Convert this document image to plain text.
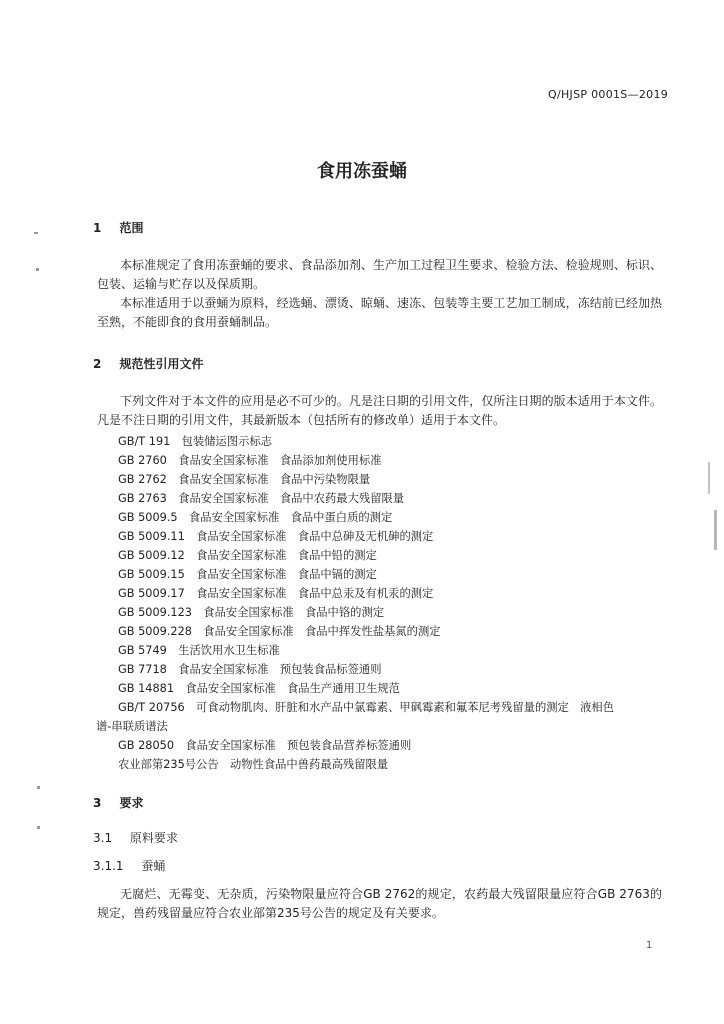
Q/HJSP 0001S—2019
食用冻蚕蛹
1 范围

本标准规定了食用冻蚕蛹的要求、食品添加剂、生产加工过程卫生要求、检验方法、检验规则、标识、包装、运输与贮存以及保质期。

本标准适用于以蚕蛹为原料，经选蛹、漂烫、晾蛹、速冻、包装等主要工艺加工制成，冻结前已经加热至熟，不能即食的食用蚕蛹制品。

2 规范性引用文件

下列文件对于本文件的应用是必不可少的。凡是注日期的引用文件，仅所注日期的版本适用于本文件。凡是不注日期的引用文件，其最新版本（包括所有的修改单）适用于本文件。

GB/T 191　包装储运图示标志
GB 2760　食品安全国家标准　食品添加剂使用标准
GB 2762　食品安全国家标准　食品中污染物限量
GB 2763　食品安全国家标准　食品中农药最大残留限量
GB 5009.5　食品安全国家标准　食品中蛋白质的测定
GB 5009.11　食品安全国家标准　食品中总砷及无机砷的测定
GB 5009.12　食品安全国家标准　食品中铅的测定
GB 5009.15　食品安全国家标准　食品中镉的测定
GB 5009.17　食品安全国家标准　食品中总汞及有机汞的测定
GB 5009.123　食品安全国家标准　食品中铬的测定
GB 5009.228　食品安全国家标准　食品中挥发性盐基氮的测定
GB 5749　生活饮用水卫生标准
GB 7718　食品安全国家标准　预包装食品标签通则
GB 14881　食品安全国家标准　食品生产通用卫生规范
GB/T 20756　可食动物肌肉、肝脏和水产品中氯霉素、甲砜霉素和氟苯尼考残留量的测定　液相色
谱-串联质谱法
GB 28050　食品安全国家标准　预包装食品营养标签通则
农业部第235号公告　动物性食品中兽药最高残留限量
3 要求
3.1 原料要求
3.1.1 蚕蛹

无腐烂、无霉变、无杂质，污染物限量应符合GB 2762的规定，农药最大残留限量应符合GB 2763的规定，兽药残留量应符合农业部第235号公告的规定及有关要求。

1
